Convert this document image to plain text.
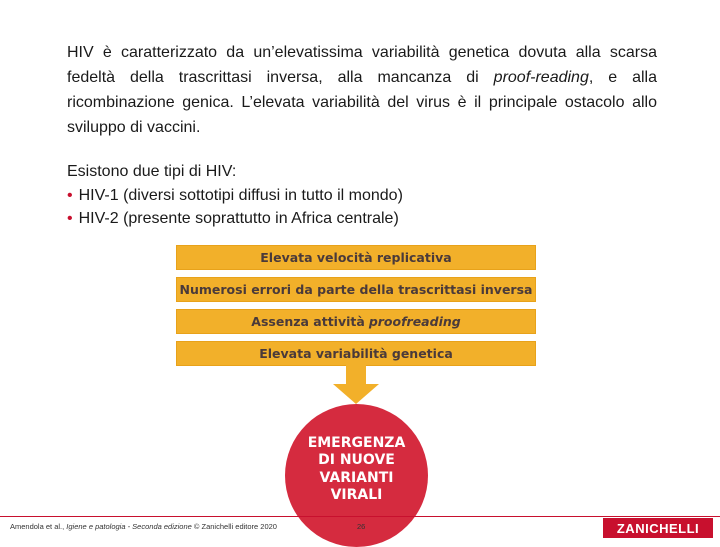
HIV è caratterizzato da un’elevatissima variabilità genetica dovuta alla scarsa fedeltà della trascrittasi inversa, alla mancanza di proof-reading, e alla ricombinazione genica. L’elevata variabilità del virus è il principale ostacolo allo sviluppo di vaccini.
Esistono due tipi di HIV:
• HIV-1 (diversi sottotipi diffusi in tutto il mondo)
• HIV-2 (presente soprattutto in Africa centrale)
Elevata velocità replicativa
Numerosi errori da parte della trascrittasi inversa
Assenza attività proofreading
Elevata variabilità genetica
EMERGENZA
DI NUOVE
VARIANTI
VIRALI
Amendola et al., Igiene e patologia - Seconda edizione © Zanichelli editore 2020	26	ZANICHELLI
